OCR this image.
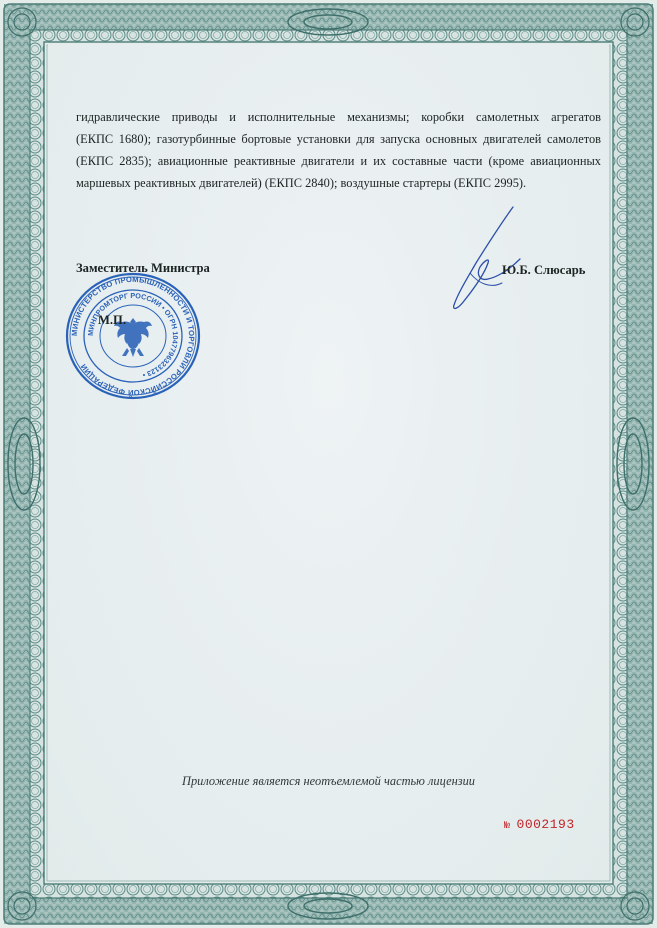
гидравлические приводы и исполнительные механизмы; коробки самолетных агрегатов
(ЕКПС 1680); газотурбинные бортовые установки для запуска основных двигателей самолетов
(ЕКПС 2835); авиационные реактивные двигатели и их составные части (кроме авиационных
маршевых реактивных двигателей) (ЕКПС 2840); воздушные стартеры (ЕКПС 2995).
МИНИСТЕРСТВО ПРОМЫШЛЕННОСТИ И ТОРГОВЛИ РОССИЙСКОЙ ФЕДЕРАЦИИ
МИНПРОМТОРГ РОССИИ • ОГРН 1047796323123 •
Заместитель Министра
М.П.
Ю.Б. Слюсарь
Приложение является неотъемлемой частью лицензии
№ 0002193
